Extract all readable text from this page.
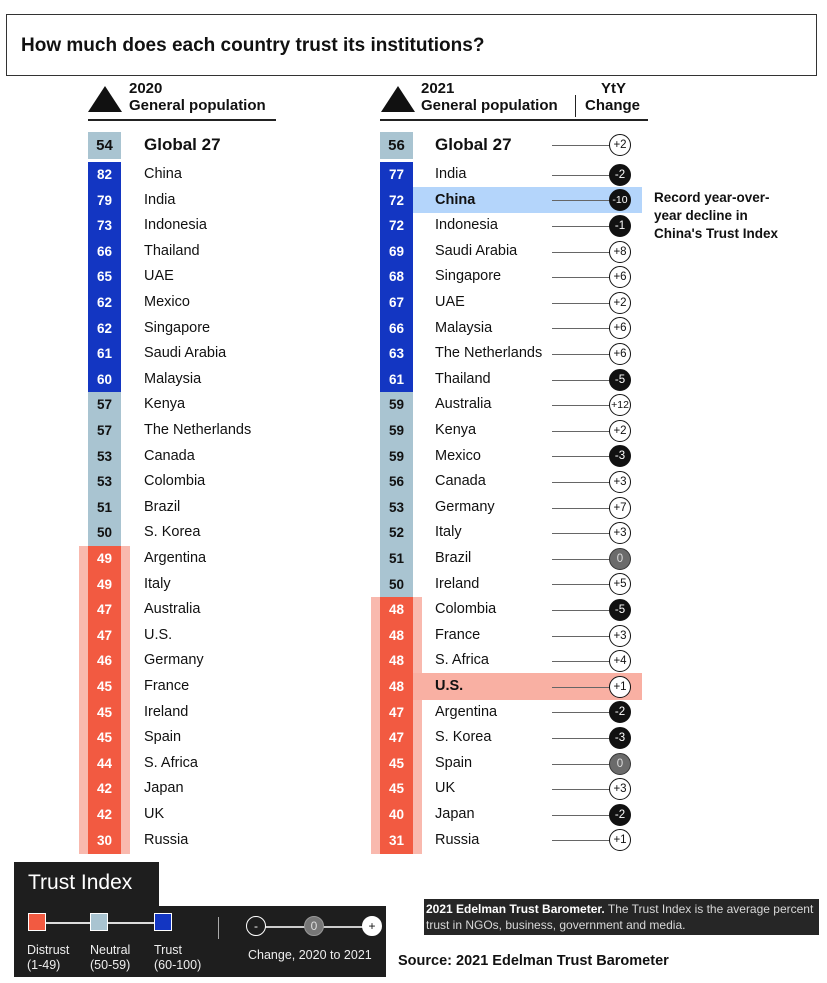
How much does each country trust its institutions?
2020
General population
2021
General population
YtY
Change
54	Global 27
82	China
79	India
73	Indonesia
66	Thailand
65	UAE
62	Mexico
62	Singapore
61	Saudi Arabia
60	Malaysia
57	Kenya
57	The Netherlands
53	Canada
53	Colombia
51	Brazil
50	S. Korea
49	Argentina
49	Italy
47	Australia
47	U.S.
46	Germany
45	France
45	Ireland
45	Spain
44	S. Africa
42	Japan
42	UK
30	Russia
56	Global 27	+2
77	India	-2
72	China	-10
72	Indonesia	-1
69	Saudi Arabia	+8
68	Singapore	+6
67	UAE	+2
66	Malaysia	+6
63	The Netherlands	+6
61	Thailand	-5
59	Australia	+12
59	Kenya	+2
59	Mexico	-3
56	Canada	+3
53	Germany	+7
52	Italy	+3
51	Brazil	0
50	Ireland	+5
48	Colombia	-5
48	France	+3
48	S. Africa	+4
48	U.S.	+1
47	Argentina	-2
47	S. Korea	-3
45	Spain	0
45	UK	+3
40	Japan	-2
31	Russia	+1
Record year-over-
year decline in
China's Trust Index
Trust Index
Distrust
(1-49)
Neutral
(50-59)
Trust
(60-100)
-	0	+
Change, 2020 to 2021
2021 Edelman Trust Barometer. The Trust Index is the average percent trust in NGOs, business, government and media.
Source: 2021 Edelman Trust Barometer
